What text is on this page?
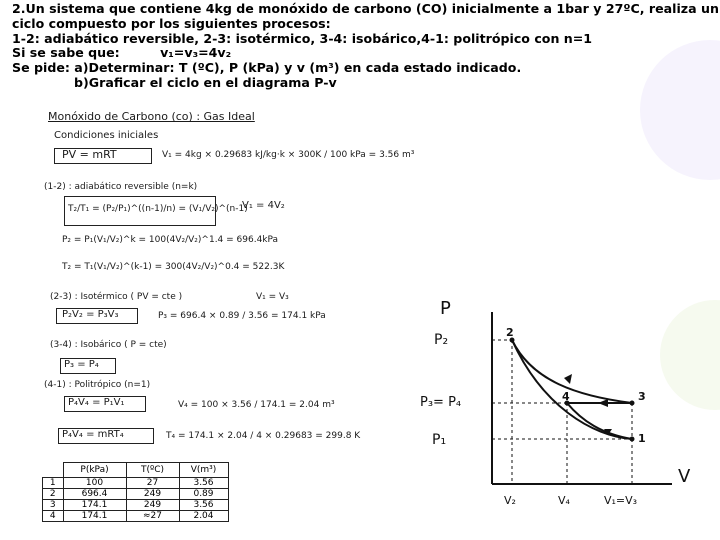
2.Un sistema que contiene 4kg de monóxido de carbono (CO) inicialmente a 1bar y 27ºC, realiza un
ciclo compuesto por los siguientes procesos:
1-2: adiabático reversible, 2-3: isotérmico, 3-4: isobárico,4-1: politrópico con n=1
Si se sabe que:	v₁=v₃=4v₂
Se pide: a)Determinar: T (ºC), P (kPa) y v (m³) en cada estado indicado.
b)Graficar el ciclo en el diagrama P-v
Monóxido de Carbono (co) : Gas Ideal
Condiciones iniciales
PV = mRT	V₁ = 4kg × 0.29683 kJ/kg·k × 300K / 100 kPa = 3.56 m³
(1-2) : adiabático reversible (n=k)
T₂/T₁ = (P₂/P₁)^((n-1)/n) = (V₁/V₂)^(n-1)
V₁ = 4V₂
P₂ = P₁(V₁/V₂)^k = 100(4V₂/V₂)^1.4 = 696.4kPa
T₂ = T₁(V₁/V₂)^(k-1) = 300(4V₂/V₂)^0.4 = 522.3K
(2-3) : Isotérmico ( PV = cte )	V₁ = V₃
P₂V₂ = P₃V₃	P₃ = 696.4 × 0.89 / 3.56 = 174.1 kPa
(3-4) : Isobárico ( P = cte)
P₃ = P₄
(4-1) : Politrópico (n=1)
P₄V₄ = P₁V₁	V₄ = 100 × 3.56 / 174.1 = 2.04 m³
P₄V₄ = mRT₄	T₄ = 174.1 × 2.04 / 4 × 0.29683 = 299.8 K
	P(kPa)	T(ºC)	V(m³)
1	100	27	3.56
2	696.4	249	0.89
3	174.1	249	3.56
4	174.1	≈27	2.04
P
V
P₂
P₃= P₄
P₁
V₂	V₄	V₁=V₃
1
2
3
4
